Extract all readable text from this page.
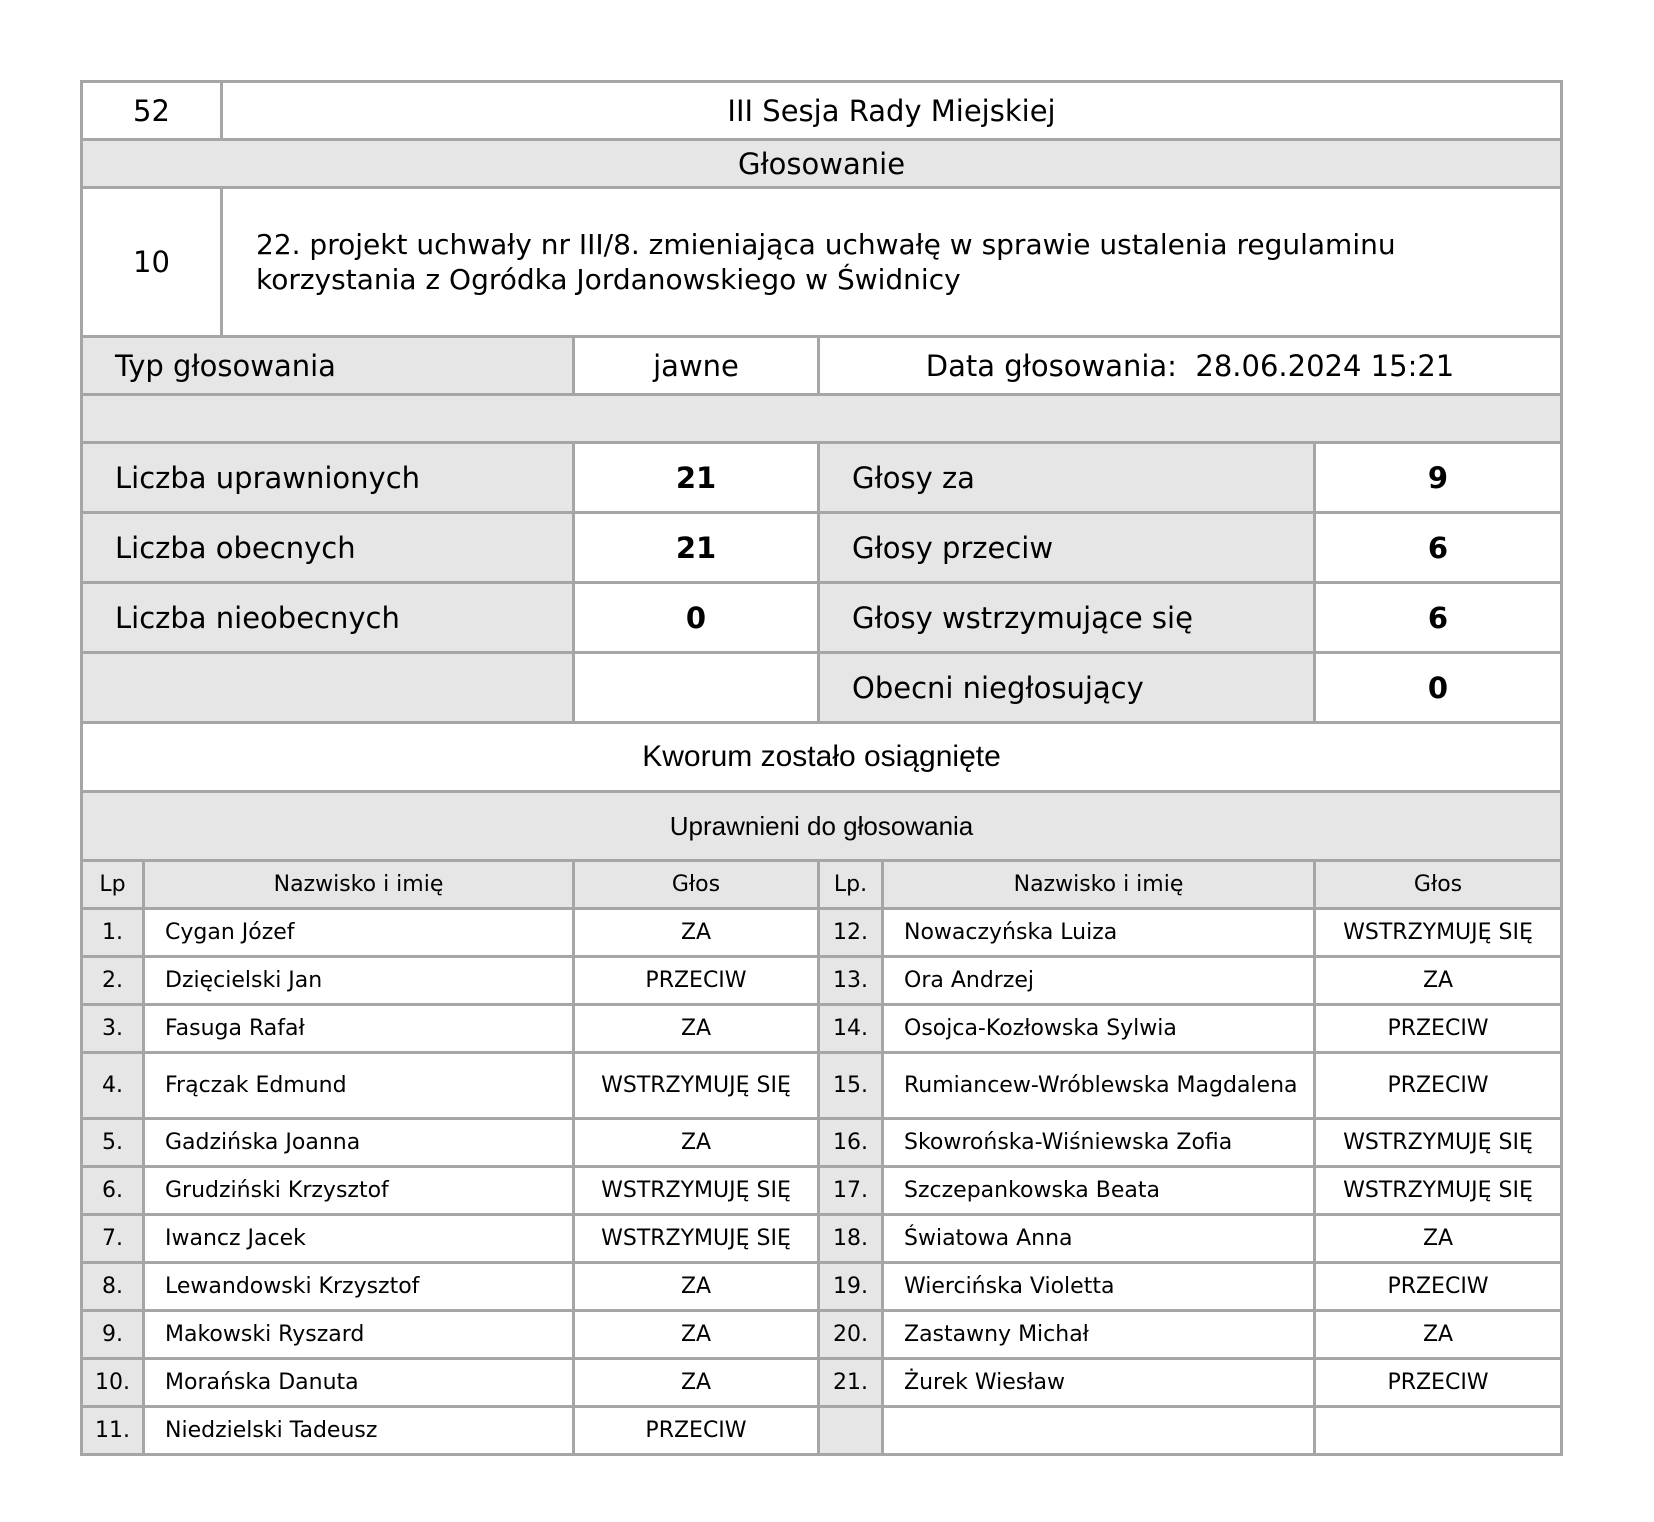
52		III Sesja Rady Miejskiej				
Głosowanie						
10		22. projekt uchwały nr III/8. zmieniająca uchwałę w sprawie ustalenia regulaminu korzystania z Ogródka Jordanowskiego w Świdnicy				
Typ głosowania			jawne	Data głosowania: 28.06.2024 15:21		

Liczba uprawnionych			21	Głosy za		9
Liczba obecnych			21	Głosy przeciw		6
Liczba nieobecnych			0	Głosy wstrzymujące się		6
				Obecni niegłosujący		0
Kworum zostało osiągnięte						
Uprawnieni do głosowania						
Lp	Nazwisko i imię		Głos	Lp.	Nazwisko i imię	Głos
1.	Cygan Józef		ZA	12.	Nowaczyńska Luiza	WSTRZYMUJĘ SIĘ
2.	Dzięcielski Jan		PRZECIW	13.	Ora Andrzej	ZA
3.	Fasuga Rafał		ZA	14.	Osojca-Kozłowska Sylwia	PRZECIW
4.	Frączak Edmund		WSTRZYMUJĘ SIĘ	15.	Rumiancew-Wróblewska Magdalena	PRZECIW
5.	Gadzińska Joanna		ZA	16.	Skowrońska-Wiśniewska Zofia	WSTRZYMUJĘ SIĘ
6.	Grudziński Krzysztof		WSTRZYMUJĘ SIĘ	17.	Szczepankowska Beata	WSTRZYMUJĘ SIĘ
7.	Iwancz Jacek		WSTRZYMUJĘ SIĘ	18.	Światowa Anna	ZA
8.	Lewandowski Krzysztof		ZA	19.	Wiercińska Violetta	PRZECIW
9.	Makowski Ryszard		ZA	20.	Zastawny Michał	ZA
10.	Morańska Danuta		ZA	21.	Żurek Wiesław	PRZECIW
11.	Niedzielski Tadeusz		PRZECIW			
